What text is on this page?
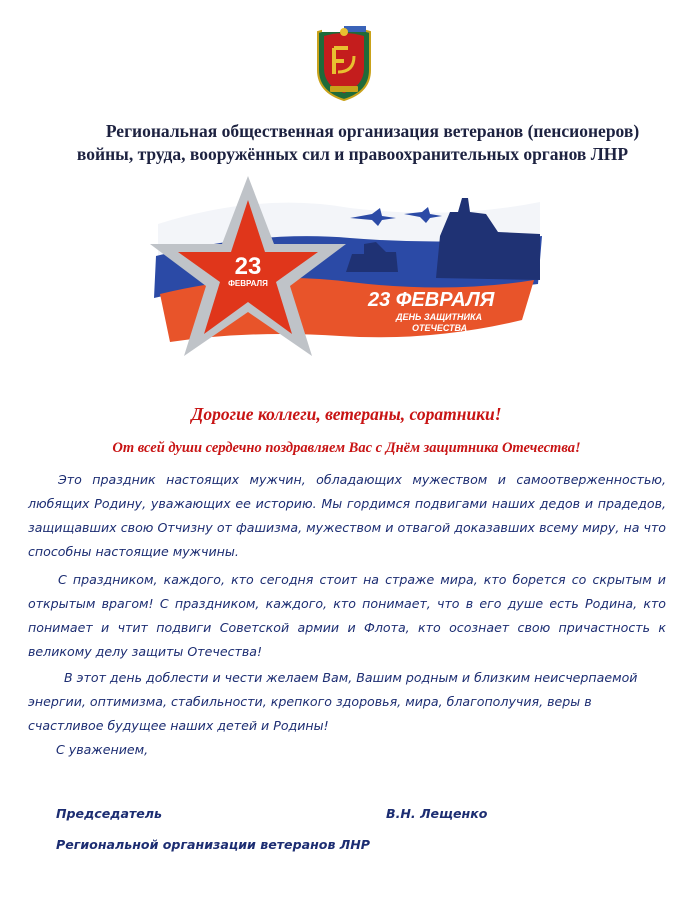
Региональная общественная организация ветеранов (пенсионеров)
войны, труда, вооружённых сил и правоохранительных органов ЛНР
23
ФЕВРАЛЯ
23 ФЕВРАЛЯ
ДЕНЬ ЗАЩИТНИКА
ОТЕЧЕСТВА
Дорогие коллеги, ветераны, соратники!
От всей души сердечно поздравляем Вас с Днём защитника Отечества!

Это праздник настоящих мужчин, обладающих мужеством и самоотверженностью, любящих Родину, уважающих ее историю. Мы гордимся подвигами наших дедов и прадедов, защищавших свою Отчизну от фашизма, мужеством и отвагой доказавших всему миру, на что способны настоящие мужчины.

С праздником, каждого, кто сегодня стоит на страже мира, кто борется со скрытым и открытым врагом! С праздником, каждого, кто понимает, что в его душе есть Родина, кто понимает и чтит подвиги Советской армии и Флота, кто осознает свою причастность к великому делу защиты Отечества!

В этот день доблести и чести желаем Вам, Вашим родным и близким неисчерпаемой энергии, оптимизма, стабильности, крепкого здоровья, мира, благополучия, веры в счастливое будущее наших детей и Родины!

С уважением,
Председатель	В.Н. Лещенко
Региональной организации ветеранов ЛНР
